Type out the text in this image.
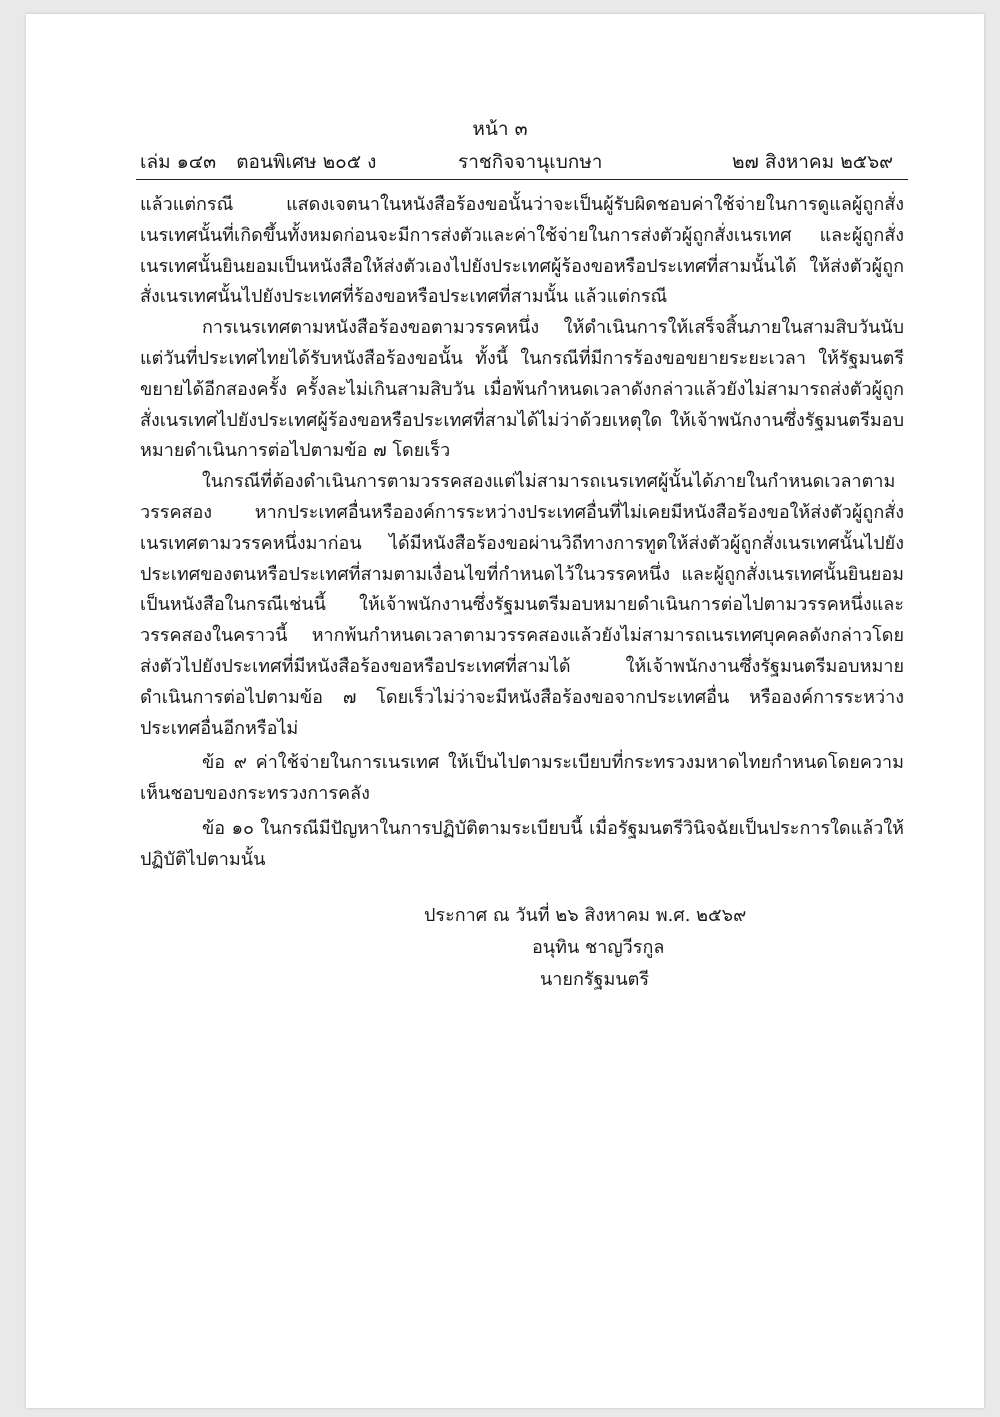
หน้า ๓
เล่ม ๑๔๓ ตอนพิเศษ ๒๐๕ ง	ราชกิจจานุเบกษา	๒๗ สิงหาคม ๒๕๖๙

แล้วแต่กรณี แสดงเจตนาในหนังสือร้องขอนั้นว่าจะเป็นผู้รับผิดชอบค่าใช้จ่ายในการดูแลผู้ถูกสั่งเนรเทศนั้นที่เกิดขึ้นทั้งหมดก่อนจะมีการส่งตัวและค่าใช้จ่ายในการส่งตัวผู้ถูกสั่งเนรเทศ และผู้ถูกสั่งเนรเทศนั้นยินยอมเป็นหนังสือให้ส่งตัวเองไปยังประเทศผู้ร้องขอหรือประเทศที่สามนั้นได้ ให้ส่งตัวผู้ถูกสั่งเนรเทศนั้นไปยังประเทศที่ร้องขอหรือประเทศที่สามนั้น แล้วแต่กรณี

การเนรเทศตามหนังสือร้องขอตามวรรคหนึ่ง ให้ดำเนินการให้เสร็จสิ้นภายในสามสิบวันนับแต่วันที่ประเทศไทยได้รับหนังสือร้องขอนั้น ทั้งนี้ ในกรณีที่มีการร้องขอขยายระยะเวลา ให้รัฐมนตรีขยายได้อีกสองครั้ง ครั้งละไม่เกินสามสิบวัน เมื่อพ้นกำหนดเวลาดังกล่าวแล้วยังไม่สามารถส่งตัวผู้ถูกสั่งเนรเทศไปยังประเทศผู้ร้องขอหรือประเทศที่สามได้ไม่ว่าด้วยเหตุใด ให้เจ้าพนักงานซึ่งรัฐมนตรีมอบหมายดำเนินการต่อไปตามข้อ ๗ โดยเร็ว

ในกรณีที่ต้องดำเนินการตามวรรคสองแต่ไม่สามารถเนรเทศผู้นั้นได้ภายในกำหนดเวลาตามวรรคสอง หากประเทศอื่นหรือองค์การระหว่างประเทศอื่นที่ไม่เคยมีหนังสือร้องขอให้ส่งตัวผู้ถูกสั่งเนรเทศตามวรรคหนึ่งมาก่อน ได้มีหนังสือร้องขอผ่านวิถีทางการทูตให้ส่งตัวผู้ถูกสั่งเนรเทศนั้นไปยังประเทศของตนหรือประเทศที่สามตามเงื่อนไขที่กำหนดไว้ในวรรคหนึ่ง และผู้ถูกสั่งเนรเทศนั้นยินยอมเป็นหนังสือในกรณีเช่นนี้ ให้เจ้าพนักงานซึ่งรัฐมนตรีมอบหมายดำเนินการต่อไปตามวรรคหนึ่งและวรรคสองในคราวนี้ หากพ้นกำหนดเวลาตามวรรคสองแล้วยังไม่สามารถเนรเทศบุคคลดังกล่าวโดยส่งตัวไปยังประเทศที่มีหนังสือร้องขอหรือประเทศที่สามได้ ให้เจ้าพนักงานซึ่งรัฐมนตรีมอบหมายดำเนินการต่อไปตามข้อ ๗ โดยเร็วไม่ว่าจะมีหนังสือร้องขอจากประเทศอื่น หรือองค์การระหว่างประเทศอื่นอีกหรือไม่

ข้อ ๙ ค่าใช้จ่ายในการเนรเทศ ให้เป็นไปตามระเบียบที่กระทรวงมหาดไทยกำหนดโดยความเห็นชอบของกระทรวงการคลัง

ข้อ ๑๐ ในกรณีมีปัญหาในการปฏิบัติตามระเบียบนี้ เมื่อรัฐมนตรีวินิจฉัยเป็นประการใดแล้วให้ปฏิบัติไปตามนั้น

ประกาศ ณ วันที่ ๒๖ สิงหาคม พ.ศ. ๒๕๖๙
อนุทิน ชาญวีรกูล
นายกรัฐมนตรี
